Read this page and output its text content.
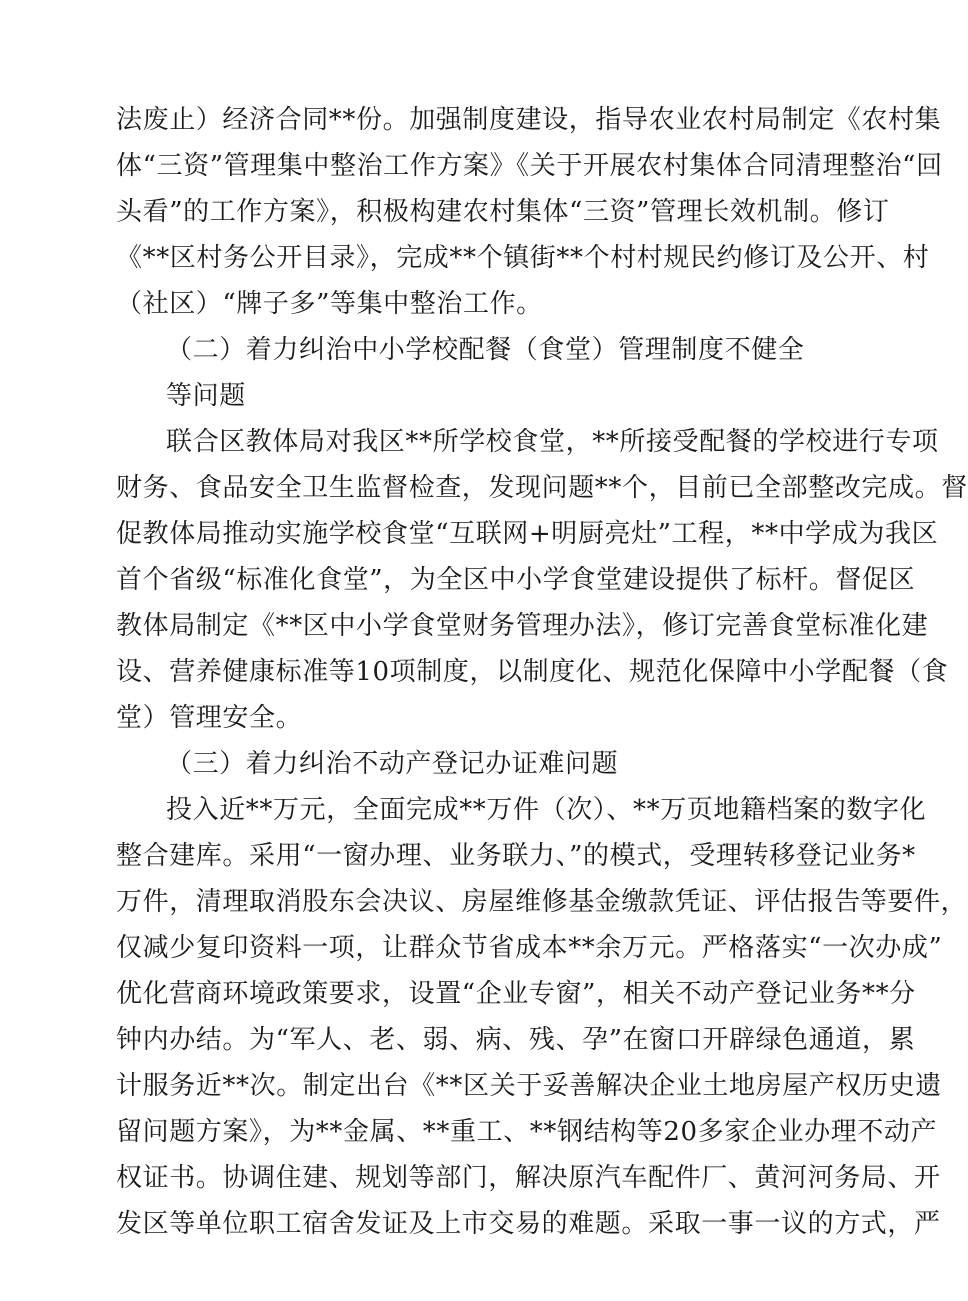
法废止）经济合同**份。加强制度建设，指导农业农村局制定《农村集
体“三资”管理集中整治工作方案》《关于开展农村集体合同清理整治“回
头看”的工作方案》，积极构建农村集体“三资”管理长效机制。修订
《**区村务公开目录》，完成**个镇街**个村村规民约修订及公开、村
（社区）“牌子多”等集中整治工作。
（二）着力纠治中小学校配餐（食堂）管理制度不健全
等问题
联合区教体局对我区**所学校食堂，**所接受配餐的学校进行专项
财务、食品安全卫生监督检查，发现问题**个，目前已全部整改完成。督
促教体局推动实施学校食堂“互联网+明厨亮灶”工程，**中学成为我区
首个省级“标准化食堂”，为全区中小学食堂建设提供了标杆。督促区
教体局制定《**区中小学食堂财务管理办法》，修订完善食堂标准化建
设、营养健康标准等10项制度，以制度化、规范化保障中小学配餐（食
堂）管理安全。
（三）着力纠治不动产登记办证难问题
投入近**万元，全面完成**万件（次）、**万页地籍档案的数字化
整合建库。采用“一窗办理、业务联力、”的模式，受理转移登记业务*
万件，清理取消股东会决议、房屋维修基金缴款凭证、评估报告等要件，
仅减少复印资料一项，让群众节省成本**余万元。严格落实“一次办成”
优化营商环境政策要求，设置“企业专窗”，相关不动产登记业务**分
钟内办结。为“军人、老、弱、病、残、孕”在窗口开辟绿色通道，累
计服务近**次。制定出台《**区关于妥善解决企业土地房屋产权历史遗
留问题方案》，为**金属、**重工、**钢结构等20多家企业办理不动产
权证书。协调住建、规划等部门，解决原汽车配件厂、黄河河务局、开
发区等单位职工宿舍发证及上市交易的难题。采取一事一议的方式，严
